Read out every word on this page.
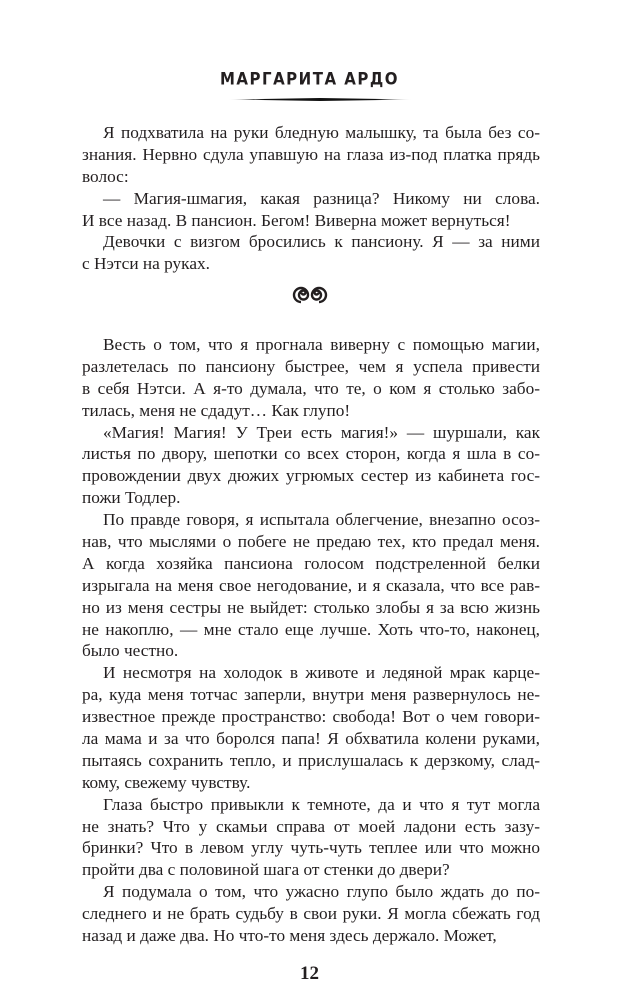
МАРГАРИТА АРДО
Я подхватила на руки бледную малышку, та была без со-
знания. Нервно сдула упавшую на глаза из-под платка прядь
волос:
— Магия-шмагия, какая разница? Никому ни слова.
И все назад. В пансион. Бегом! Виверна может вернуться!
Девочки с визгом бросились к пансиону. Я — за ними
с Нэтси на руках.
Весть о том, что я прогнала виверну с помощью магии,
разлетелась по пансиону быстрее, чем я успела привести
в себя Нэтси. А я-то думала, что те, о ком я столько забо-
тилась, меня не сдадут… Как глупо!
«Магия! Магия! У Треи есть магия!» — шуршали, как
листья по двору, шепотки со всех сторон, когда я шла в со-
провождении двух дюжих угрюмых сестер из кабинета гос-
пожи Тодлер.
По правде говоря, я испытала облегчение, внезапно осоз-
нав, что мыслями о побеге не предаю тех, кто предал меня.
А когда хозяйка пансиона голосом подстреленной белки
изрыгала на меня свое негодование, и я сказала, что все рав-
но из меня сестры не выйдет: столько злобы я за всю жизнь
не накоплю, — мне стало еще лучше. Хоть что-то, наконец,
было честно.
И несмотря на холодок в животе и ледяной мрак карце-
ра, куда меня тотчас заперли, внутри меня развернулось не-
известное прежде пространство: свобода! Вот о чем говори-
ла мама и за что боролся папа! Я обхватила колени руками,
пытаясь сохранить тепло, и прислушалась к дерзкому, слад-
кому, свежему чувству.
Глаза быстро привыкли к темноте, да и что я тут могла
не знать? Что у скамьи справа от моей ладони есть зазу-
бринки? Что в левом углу чуть-чуть теплее или что можно
пройти два с половиной шага от стенки до двери?
Я подумала о том, что ужасно глупо было ждать до по-
следнего и не брать судьбу в свои руки. Я могла сбежать год
назад и даже два. Но что-то меня здесь держало. Может,
12
